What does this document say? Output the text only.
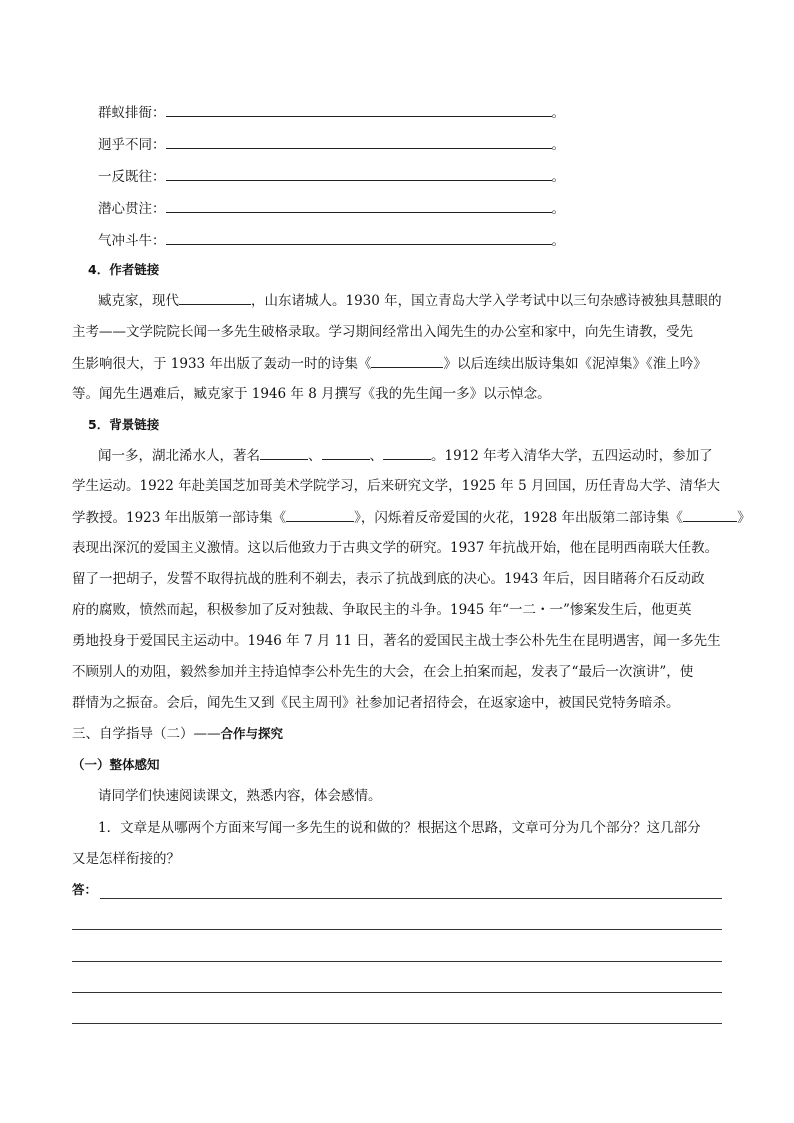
群蚁排衙：	。
迥乎不同：	。
一反既往：	。
潜心贯注：	。
气冲斗牛：	。
4．作者链接
臧克家，现代	，山东诸城人。1930 年，国立青岛大学入学考试中以三句杂感诗被独具慧眼的
主考——文学院院长闻一多先生破格录取。学习期间经常出入闻先生的办公室和家中，向先生请教，受先
生影响很大，于 1933 年出版了轰动一时的诗集《	》以后连续出版诗集如《泥淖集》《淮上吟》
等。闻先生遇难后，臧克家于 1946 年 8 月撰写《我的先生闻一多》以示悼念。
5．背景链接
闻一多，湖北浠水人，著名	、	、	。1912 年考入清华大学，五四运动时，参加了
学生运动。1922 年赴美国芝加哥美术学院学习，后来研究文学，1925 年 5 月回国，历任青岛大学、清华大
学教授。1923 年出版第一部诗集《	》，闪烁着反帝爱国的火花，1928 年出版第二部诗集《	》
表现出深沉的爱国主义激情。这以后他致力于古典文学的研究。1937 年抗战开始，他在昆明西南联大任教。
留了一把胡子，发誓不取得抗战的胜利不剃去，表示了抗战到底的决心。1943 年后，因目睹蒋介石反动政
府的腐败，愤然而起，积极参加了反对独裁、争取民主的斗争。1945 年“一二・一”惨案发生后，他更英
勇地投身于爱国民主运动中。1946 年 7 月 11 日，著名的爱国民主战士李公朴先生在昆明遇害，闻一多先生
不顾别人的劝阻，毅然参加并主持追悼李公朴先生的大会，在会上拍案而起，发表了“最后一次演讲”，使
群情为之振奋。会后，闻先生又到《民主周刊》社参加记者招待会，在返家途中，被国民党特务暗杀。
三、自学指导（二）——合作与探究
（一）整体感知
请同学们快速阅读课文，熟悉内容，体会感情。
1．文章是从哪两个方面来写闻一多先生的说和做的？根据这个思路，文章可分为几个部分？这几部分
又是怎样衔接的？
答：
